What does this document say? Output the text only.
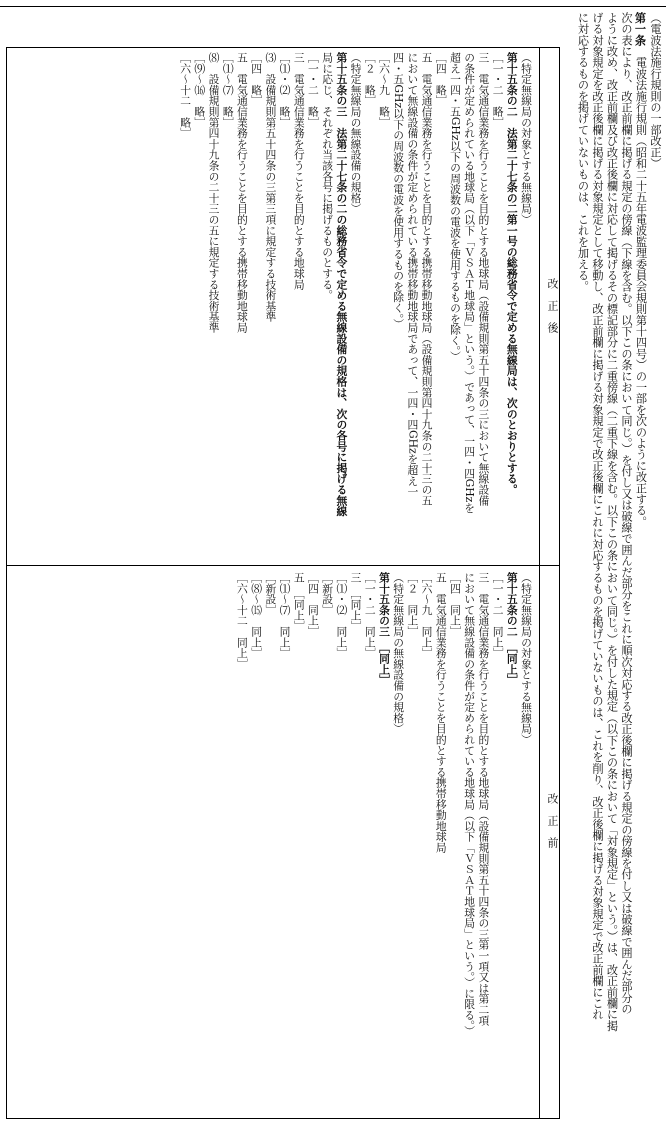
（電波法施行規則の一部改正）
第一条　電波法施行規則（昭和二十五年電波監理委員会規則第十四号）の一部を次のように改正する。
次の表により、改正前欄に掲げる規定の傍線（下線を含む。以下この条において同じ。）を付し又は破線で囲んだ部分をこれに順次対応する改正後欄に掲げる規定の傍線を付し又は破線で囲んだ部分の
ように改め、改正前欄及び改正後欄に対応して掲げるその標記部分に二重傍線（二重下線を含む。以下この条において同じ。）を付した規定（以下この条において「対象規定」という。）は、改正前欄に掲
げる対象規定を改正後欄に掲げる対象規定として移動し、改正前欄に掲げる対象規定で改正後欄にこれに対応するものを掲げていないものは、これを削り、改正後欄に掲げる対象規定で改正前欄にこれ
に対応するものを掲げていないものは、これを加える。
改　正　後
改　正　前
（特定無線局の対象とする無線局）
第十五条の二　法第二十七条の二第一号の総務省令で定める無線局は、次のとおりとする。
［一・二　略］
三　電気通信業務を行うことを目的とする地球局（設備規則第五十四条の三において無線設備
の条件が定められている地球局（以下「ＶＳＡＴ地球局」という。）であって、一四・四GHzを
超え一四・五GHz以下の周波数の電波を使用するものを除く。）
［四　略］
五　電気通信業務を行うことを目的とする携帯移動地球局（設備規則第四十九条の二十三の五
において無線設備の条件が定められている携帯移動地球局であって、一四・四GHzを超え一
四・五GHz以下の周波数の電波を使用するものを除く。）
［六～九　略］
［２　略］
（特定無線局の無線設備の規格）
第十五条の三　法第二十七条の二の総務省令で定める無線設備の規格は、次の各号に掲げる無線
局に応じ、それぞれ当該各号に掲げるものとする。
［一・二　略］
三　電気通信業務を行うことを目的とする地球局
［⑴・⑵　略］
⑶　設備規則第五十四条の三第三項に規定する技術基準
［四　略］
五　電気通信業務を行うことを目的とする携帯移動地球局
［⑴～⑺　略］
⑻　設備規則第四十九条の二十三の五に規定する技術基準
［⑼～⒃　略］
［六～十二　略］
（特定無線局の対象とする無線局）
第十五条の二　［同上］
［一・二　同上］
三　電気通信業務を行うことを目的とする地球局（設備規則第五十四条の三第一項又は第二項
において無線設備の条件が定められている地球局（以下「ＶＳＡＴ地球局」という。）に限る。）
［四　同上］
五　電気通信業務を行うことを目的とする携帯移動地球局
［六～九　同上］
［２　同上］
（特定無線局の無線設備の規格）
第十五条の三　［同上］
［一・二　同上］
三　［同上］
［⑴・⑵　同上］
［新設］
［四　同上］
五　［同上］
［⑴～⑺　同上］
［新設］
［⑻～⒂　同上］
［六～十二　同上］
